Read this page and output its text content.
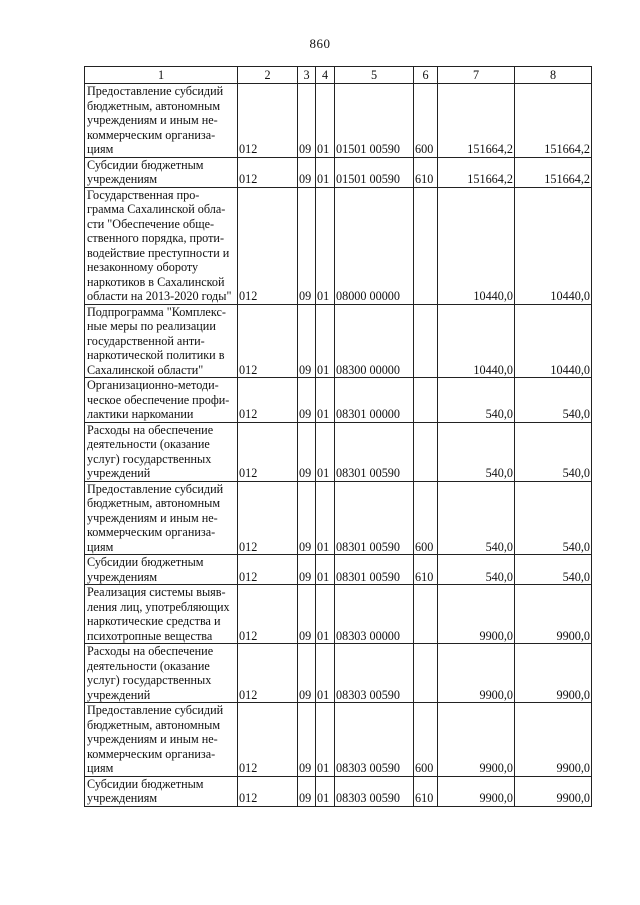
860
1	2	3	4	5	6	7	8
Предоставление субсидий бюджетным, автономным учреждениям и иным не-коммерческим организа-циям	012	09	01	01501 00590	600	151664,2	151664,2
Субсидии бюджетным учреждениям	012	09	01	01501 00590	610	151664,2	151664,2
Государственная про-грамма Сахалинской обла-сти "Обеспечение обще-ственного порядка, проти-водействие преступности и незаконному обороту наркотиков в Сахалинской области на 2013-2020 годы"	012	09	01	08000 00000		10440,0	10440,0
Подпрограмма "Комплекс-ные меры по реализации государственной анти-наркотической политики в Сахалинской области"	012	09	01	08300 00000		10440,0	10440,0
Организационно-методи-ческое обеспечение профи-лактики наркомании	012	09	01	08301 00000		540,0	540,0
Расходы на обеспечение деятельности (оказание услуг) государственных учреждений	012	09	01	08301 00590		540,0	540,0
Предоставление субсидий бюджетным, автономным учреждениям и иным не-коммерческим организа-циям	012	09	01	08301 00590	600	540,0	540,0
Субсидии бюджетным учреждениям	012	09	01	08301 00590	610	540,0	540,0
Реализация системы выяв-ления лиц, употребляющих наркотические средства и психотропные вещества	012	09	01	08303 00000		9900,0	9900,0
Расходы на обеспечение деятельности (оказание услуг) государственных учреждений	012	09	01	08303 00590		9900,0	9900,0
Предоставление субсидий бюджетным, автономным учреждениям и иным не-коммерческим организа-циям	012	09	01	08303 00590	600	9900,0	9900,0
Субсидии бюджетным учреждениям	012	09	01	08303 00590	610	9900,0	9900,0
